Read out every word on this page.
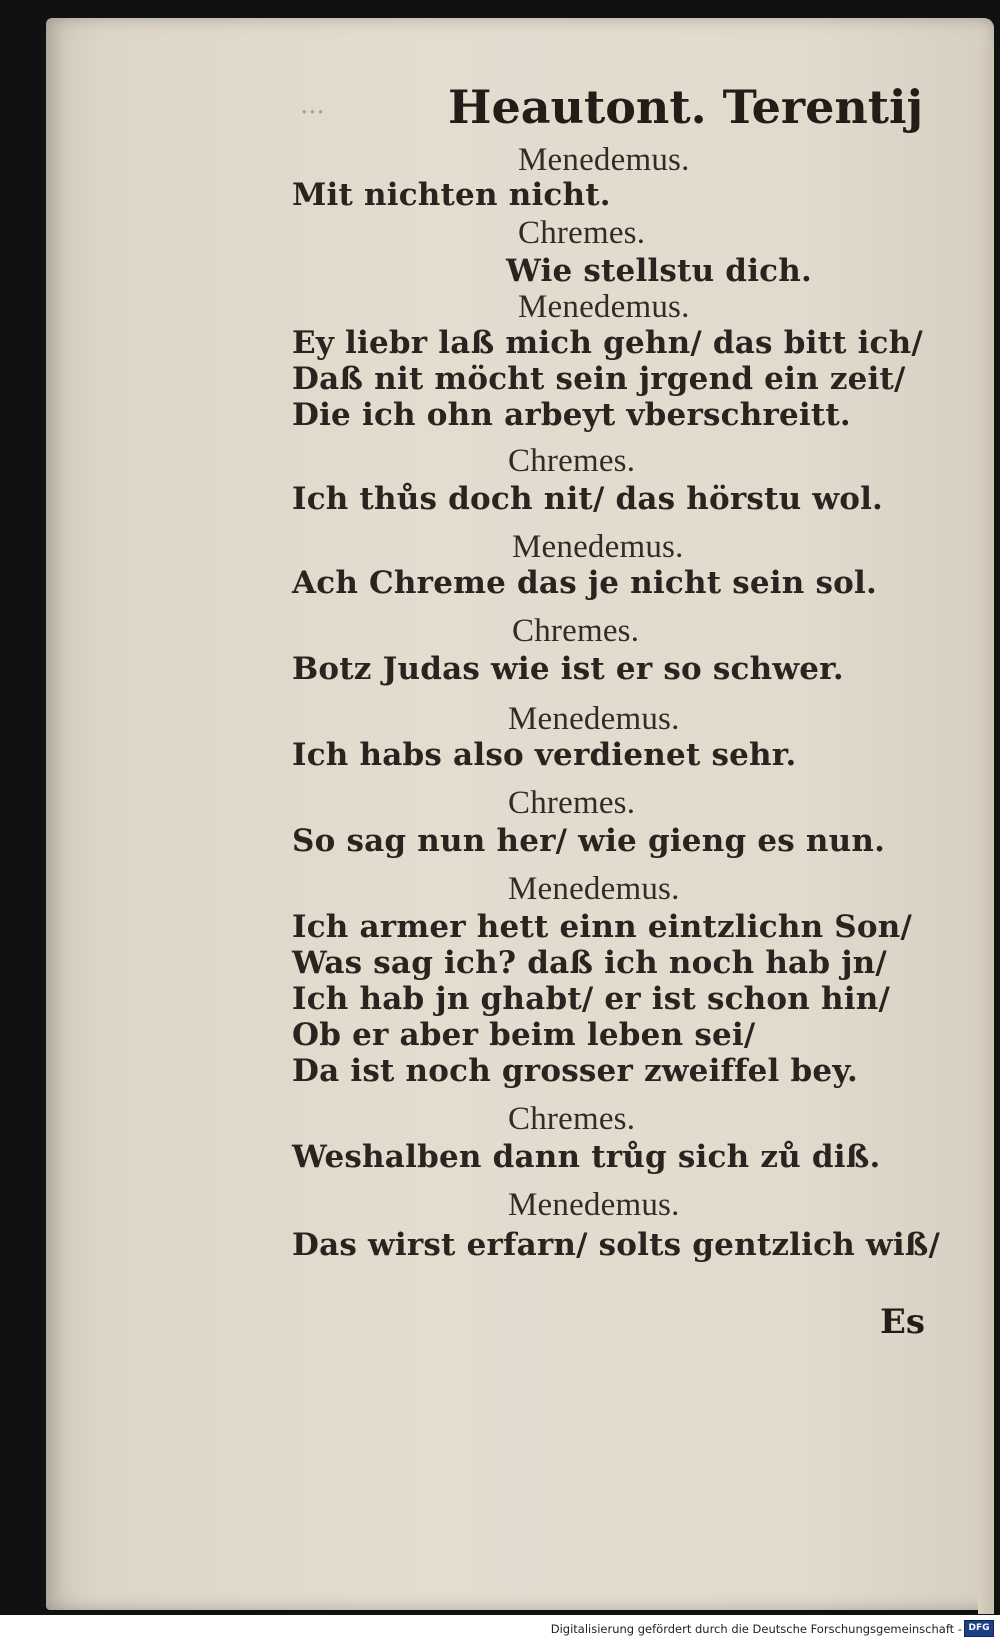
...	Heautont. Terentij
Menedemus.
Mit nichten nicht.
Chremes.
Wie stellstu dich.
Menedemus.
Ey liebr laß mich gehn/ das bitt ich/
Daß nit möcht sein jrgend ein zeit/
Die ich ohn arbeyt vberschreitt.
Chremes.
Ich thůs doch nit/ das hörstu wol.
Menedemus.
Ach Chreme das je nicht sein sol.
Chremes.
Botz Judas wie ist er so schwer.
Menedemus.
Ich habs also verdienet sehr.
Chremes.
So sag nun her/ wie gieng es nun.
Menedemus.
Ich armer hett einn eintzlichn Son/
Was sag ich? daß ich noch hab jn/
Ich hab jn ghabt/ er ist schon hin/
Ob er aber beim leben sei/
Da ist noch grosser zweiffel bey.
Chremes.
Weshalben dann trůg sich zů diß.
Menedemus.
Das wirst erfarn/ solts gentzlich wiß/
Es
Digitalisierung gefördert durch die Deutsche Forschungsgemeinschaft - DFG
